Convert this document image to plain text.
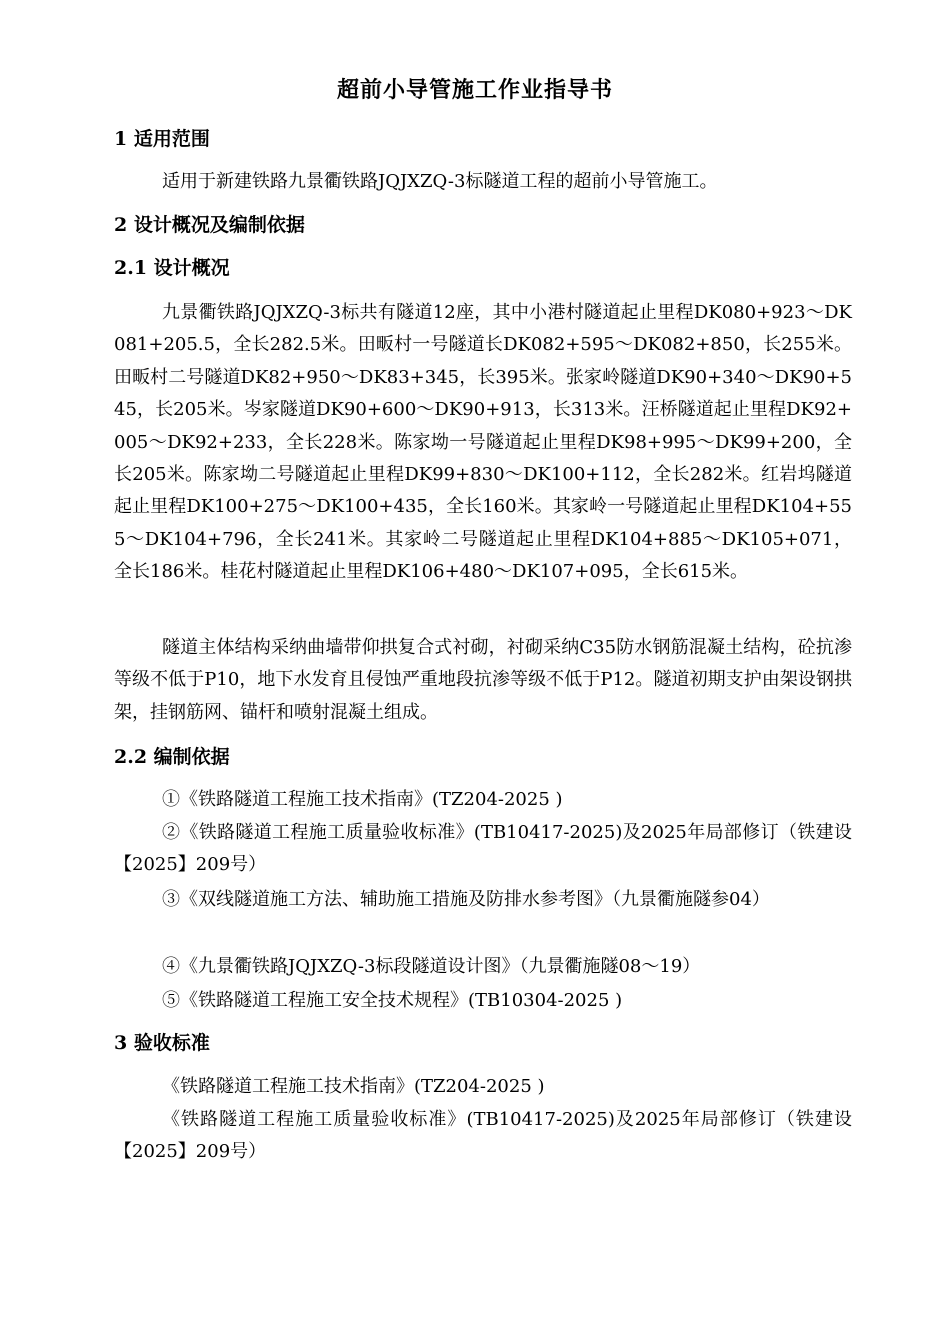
超前小导管施工作业指导书
1 适用范围
适用于新建铁路九景衢铁路JQJXZQ-3标隧道工程的超前小导管施工。
2 设计概况及编制依据
2.1 设计概况
九景衢铁路JQJXZQ-3标共有隧道12座，其中小港村隧道起止里程DK080+923～DK081+205.5，全长282.5米。田畈村一号隧道长DK082+595～DK082+850，长255米。田畈村二号隧道DK82+950～DK83+345，长395米。张家岭隧道DK90+340～DK90+545，长205米。岑家隧道DK90+600～DK90+913，长313米。汪桥隧道起止里程DK92+005～DK92+233，全长228米。陈家坳一号隧道起止里程DK98+995～DK99+200，全长205米。陈家坳二号隧道起止里程DK99+830～DK100+112，全长282米。红岩坞隧道起止里程DK100+275～DK100+435，全长160米。其家岭一号隧道起止里程DK104+555～DK104+796，全长241米。其家岭二号隧道起止里程DK104+885～DK105+071，全长186米。桂花村隧道起止里程DK106+480～DK107+095，全长615米。
隧道主体结构采纳曲墙带仰拱复合式衬砌，衬砌采纳C35防水钢筋混凝土结构，砼抗渗等级不低于P10，地下水发育且侵蚀严重地段抗渗等级不低于P12。隧道初期支护由架设钢拱架，挂钢筋网、锚杆和喷射混凝土组成。
2.2 编制依据
①《铁路隧道工程施工技术指南》(TZ204-2025 )
②《铁路隧道工程施工质量验收标准》(TB10417-2025)及2025年局部修订（铁建设【2025】209号）
③《双线隧道施工方法、辅助施工措施及防排水参考图》（九景衢施隧参04）
④《九景衢铁路JQJXZQ-3标段隧道设计图》（九景衢施隧08～19）
⑤《铁路隧道工程施工安全技术规程》(TB10304-2025 )
3 验收标准
《铁路隧道工程施工技术指南》(TZ204-2025 )
《铁路隧道工程施工质量验收标准》(TB10417-2025)及2025年局部修订（铁建设【2025】209号）
